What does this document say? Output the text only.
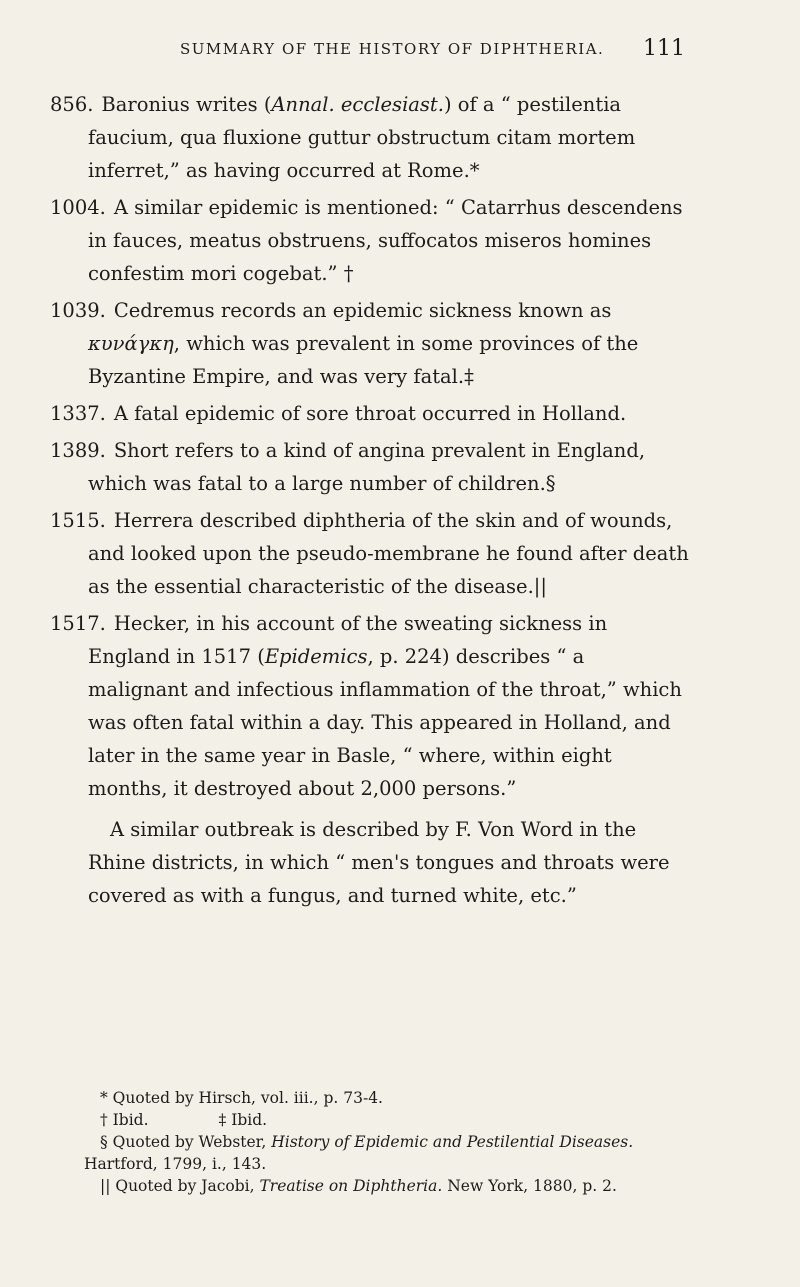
SUMMARY OF THE HISTORY OF DIPHTHERIA. 111

856. Baronius writes (Annal. ecclesiast.) of a “ pestilentia faucium, qua fluxione guttur obstructum citam mortem inferret,” as having occurred at Rome.*

1004. A similar epidemic is mentioned: “ Catarrhus descendens in fauces, meatus obstruens, suffocatos miseros homines confestim mori cogebat.” †

1039. Cedremus records an epidemic sickness known as κυνάγκη, which was prevalent in some provinces of the Byzantine Empire, and was very fatal.‡

1337. A fatal epidemic of sore throat occurred in Holland.

1389. Short refers to a kind of angina prevalent in England, which was fatal to a large number of children.§

1515. Herrera described diphtheria of the skin and of wounds, and looked upon the pseudo-membrane he found after death as the essential characteristic of the disease.||

1517. Hecker, in his account of the sweating sickness in England in 1517 (Epidemics, p. 224) describes “ a malignant and infectious inflammation of the throat,” which was often fatal within a day. This appeared in Holland, and later in the same year in Basle, “ where, within eight months, it destroyed about 2,000 persons.”

A similar outbreak is described by F. Von Word in the Rhine districts, in which “ men's tongues and throats were covered as with a fungus, and turned white, etc.”

* Quoted by Hirsch, vol. iii., p. 73-4.

† Ibid.	‡ Ibid.

§ Quoted by Webster, History of Epidemic and Pestilential Diseases. Hartford, 1799, i., 143.

|| Quoted by Jacobi, Treatise on Diphtheria. New York, 1880, p. 2.
